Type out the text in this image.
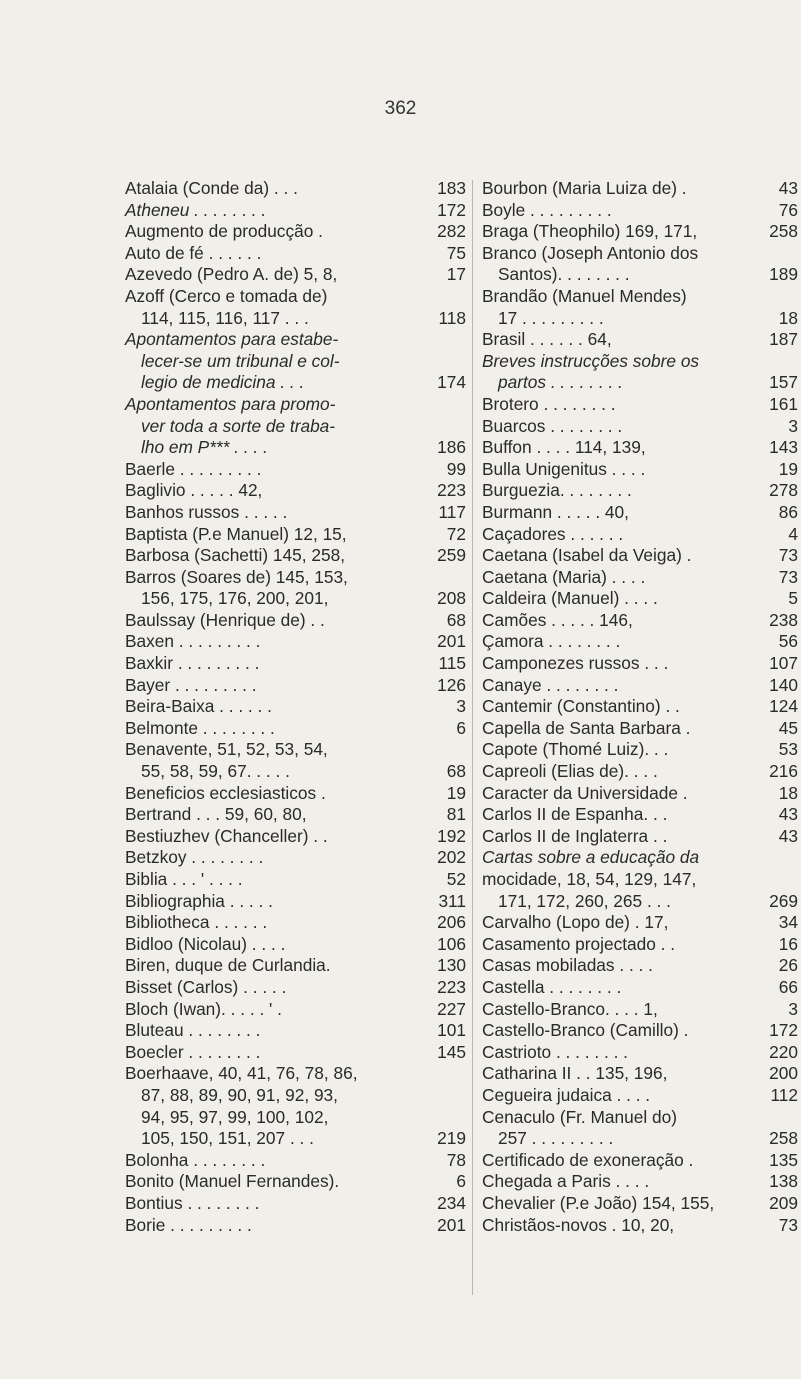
362
Atalaia (Conde da) . . .	183
Atheneu . . . . . . . .	172
Augmento de producção .	282
Auto de fé . . . . . .	75
Azevedo (Pedro A. de) 5, 8,	17
Azoff (Cerco e tomada de)
114, 115, 116, 117 . . .	118
Apontamentos para estabe-
lecer-se um tribunal e col-
legio de medicina . . .	174
Apontamentos para promo-
ver toda a sorte de traba-
lho em P*** . . . .	186
Baerle . . . . . . . . .	99
Baglivio . . . . . 42,	223
Banhos russos . . . . .	117
Baptista (P.e Manuel) 12, 15,	72
Barbosa (Sachetti) 145, 258,	259
Barros (Soares de) 145, 153,
156, 175, 176, 200, 201,	208
Baulssay (Henrique de) . .	68
Baxen . . . . . . . . .	201
Baxkir . . . . . . . . .	115
Bayer . . . . . . . . .	126
Beira-Baixa . . . . . .	3
Belmonte . . . . . . . .	6
Benavente, 51, 52, 53, 54,
55, 58, 59, 67. . . . .	68
Beneficios ecclesiasticos .	19
Bertrand . . . 59, 60, 80,	81
Bestiuzhev (Chanceller) . .	192
Betzkoy . . . . . . . .	202
Biblia . . . ' . . . .	52
Bibliographia . . . . .	311
Bibliotheca . . . . . .	206
Bidloo (Nicolau) . . . .	106
Biren, duque de Curlandia.	130
Bisset (Carlos) . . . . .	223
Bloch (Iwan). . . . . ' .	227
Bluteau . . . . . . . .	101
Boecler . . . . . . . .	145
Boerhaave, 40, 41, 76, 78, 86,
87, 88, 89, 90, 91, 92, 93,
94, 95, 97, 99, 100, 102,
105, 150, 151, 207 . . .	219
Bolonha . . . . . . . .	78
Bonito (Manuel Fernandes).	6
Bontius . . . . . . . .	234
Borie . . . . . . . . .	201
Bourbon (Maria Luiza de) .	43
Boyle . . . . . . . . .	76
Braga (Theophilo) 169, 171,	258
Branco (Joseph Antonio dos
Santos). . . . . . . .	189
Brandão (Manuel Mendes)
17 . . . . . . . . .	18
Brasil . . . . . . 64,	187
Breves instrucções sobre os
partos . . . . . . . .	157
Brotero . . . . . . . .	161
Buarcos . . . . . . . .	3
Buffon . . . . 114, 139,	143
Bulla Unigenitus . . . .	19
Burguezia. . . . . . . .	278
Burmann . . . . . 40,	86
Caçadores . . . . . .	4
Caetana (Isabel da Veiga) .	73
Caetana (Maria) . . . .	73
Caldeira (Manuel) . . . .	5
Camões . . . . . 146,	238
Çamora . . . . . . . .	56
Camponezes russos . . .	107
Canaye . . . . . . . .	140
Cantemir (Constantino) . .	124
Capella de Santa Barbara .	45
Capote (Thomé Luiz). . .	53
Capreoli (Elias de). . . .	216
Caracter da Universidade .	18
Carlos II de Espanha. . .	43
Carlos II de Inglaterra . .	43
Cartas sobre a educação da
mocidade, 18, 54, 129, 147,
171, 172, 260, 265 . . .	269
Carvalho (Lopo de) . 17,	34
Casamento projectado . .	16
Casas mobiladas . . . .	26
Castella . . . . . . . .	66
Castello-Branco. . . . 1,	3
Castello-Branco (Camillo) .	172
Castrioto . . . . . . . .	220
Catharina II . . 135, 196,	200
Cegueira judaica . . . .	112
Cenaculo (Fr. Manuel do)
257 . . . . . . . . .	258
Certificado de exoneração .	135
Chegada a Paris . . . .	138
Chevalier (P.e João) 154, 155,	209
Christãos-novos . 10, 20,	73
